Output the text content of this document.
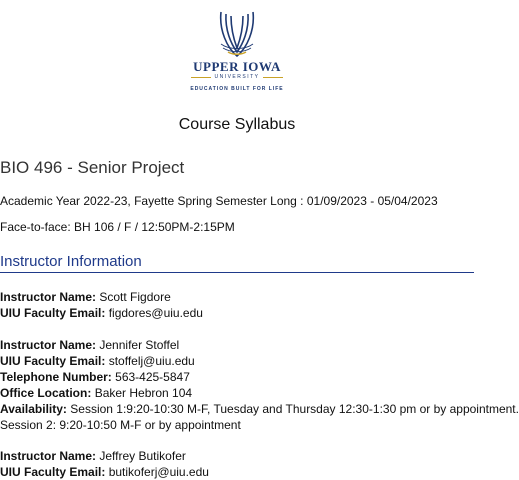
UPPER IOWA
UNIVERSITY
EDUCATION BUILT FOR LIFE
Course Syllabus
BIO 496 - Senior Project
Academic Year 2022-23, Fayette Spring Semester Long : 01/09/2023 - 05/04/2023
Face-to-face: BH 106 / F / 12:50PM-2:15PM
Instructor Information
Instructor Name: Scott Figdore
UIU Faculty Email: figdores@uiu.edu
Instructor Name: Jennifer Stoffel
UIU Faculty Email: stoffelj@uiu.edu
Telephone Number: 563-425-5847
Office Location: Baker Hebron 104
Availability: Session 1:9:20-10:30 M-F, Tuesday and Thursday 12:30-1:30 pm or by appointment.
Session 2: 9:20-10:50 M-F or by appointment
Instructor Name: Jeffrey Butikofer
UIU Faculty Email: butikoferj@uiu.edu
